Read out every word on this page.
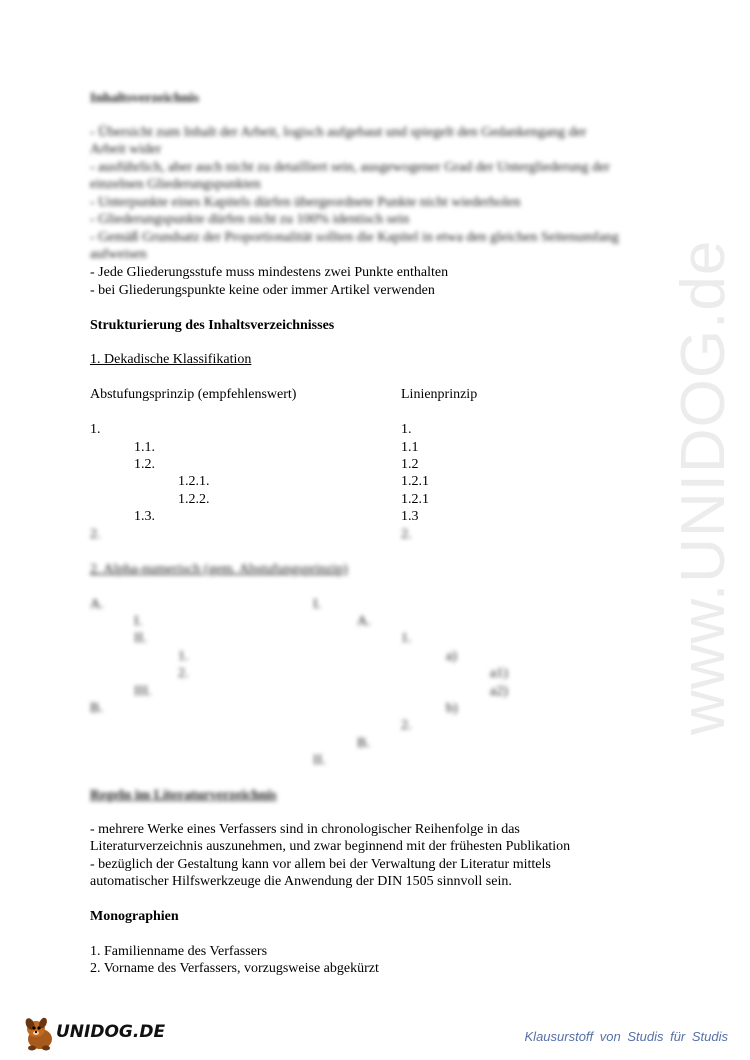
www.UNIDOG.de
Inhaltsverzeichnis
- Übersicht zum Inhalt der Arbeit, logisch aufgebaut und spiegelt den Gedankengang der
Arbeit wider
- ausführlich, aber auch nicht zu detailliert sein, ausgewogener Grad der Untergliederung der
einzelnen Gliederungspunkten
- Unterpunkte eines Kapitels dürfen übergeordnete Punkte nicht wiederholen
- Gliederungspunkte dürfen nicht zu 100% identisch sein
- Gemäß Grundsatz der Proportionalität sollten die Kapitel in etwa den gleichen Seitenumfang
aufweisen
- Jede Gliederungsstufe muss mindestens zwei Punkte enthalten
- bei Gliederungspunkte keine oder immer Artikel verwenden
Strukturierung des Inhaltsverzeichnisses
1. Dekadische Klassifikation
Abstufungsprinzip (empfehlenswert)	Linienprinzip
1.
1.1.
1.2.
1.2.1.
1.2.2.
1.3.
2.
1.
1.1
1.2
1.2.1
1.2.1
1.3
2.
2. Alpha-numerisch (gem. Abstufungsprinzip)
A.
I.
II.
1.
2.
III.
B.
I.
A.
1.
a)
a1)
a2)
b)
2.
B.
II.
Regeln im Literaturverzeichnis
- mehrere Werke eines Verfassers sind in chronologischer Reihenfolge in das
Literaturverzeichnis auszunehmen, und zwar beginnend mit der frühesten Publikation
- bezüglich der Gestaltung kann vor allem bei der Verwaltung der Literatur mittels
automatischer Hilfswerkzeuge die Anwendung der DIN 1505 sinnvoll sein.
Monographien
1. Familienname des Verfassers
2. Vorname des Verfassers, vorzugsweise abgekürzt
UNIDOG.DE	Klausurstoff von Studis für Studis
